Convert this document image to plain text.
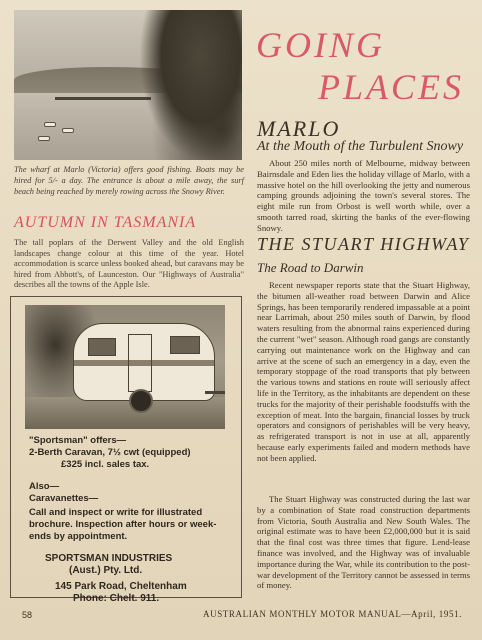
The wharf at Marlo (Victoria) offers good fishing. Boats may be hired for 5/- a day. The entrance is about a mile away, the surf beach being reached by merely rowing across the Snowy River.
AUTUMN IN TASMANIA
The tall poplars of the Derwent Valley and the old English landscapes change colour at this time of the year. Hotel accommodation is scarce unless booked ahead, but caravans may be hired from Abbott's, of Launceston. Our "Highways of Australia" describes all the towns of the Apple Isle.
"Sportsman" offers—
2-Berth Caravan, 7½ cwt (equipped)
£325 incl. sales tax.
Also—
Caravanettes—
Call and inspect or write for illustrated brochure. Inspection after hours or week-ends by appointment.
SPORTSMAN INDUSTRIES
(Aust.) Pty. Ltd.
145 Park Road, Cheltenham
Phone: Chelt. 911.
GOING
PLACES
MARLO
At the Mouth of the Turbulent Snowy
About 250 miles north of Melbourne, midway between Bairnsdale and Eden lies the holiday village of Marlo, with a massive hotel on the hill overlooking the jetty and numerous camping grounds adjoining the town's several stores. The eight mile run from Orbost is well worth while, over a smooth tarred road, skirting the banks of the ever-flowing Snowy.
THE STUART HIGHWAY
The Road to Darwin
Recent newspaper reports state that the Stuart Highway, the bitumen all-weather road between Darwin and Alice Springs, has been temporarily rendered impassable at a point near Larrimah, about 250 miles south of Darwin, by flood waters resulting from the abnormal rains experienced during the current "wet" season. Although road gangs are constantly carrying out maintenance work on the Highway and can arrive at the scene of such an emergency in a day, even the temporary stoppage of the road transports that ply between the various towns and stations en route will seriously affect life in the Territory, as the inhabitants are dependent on these trucks for the majority of their perishable foodstuffs with the exception of meat. Into the bargain, financial losses by truck operators and consignors of perishables will be very heavy, as refrigerated transport is not in use at all, apparently because early experiments failed and modern methods have not been applied.
The Stuart Highway was constructed during the last war by a combination of State road construction departments from Victoria, South Australia and New South Wales. The original estimate was to have been £2,000,000 but it is said that the final cost was three times that figure. Lend-lease finance was involved, and the Highway was of invaluable importance during the War, while its contribution to the post-war development of the Territory cannot be assessed in terms of money.
58	AUSTRALIAN MONTHLY MOTOR MANUAL—April, 1951.
